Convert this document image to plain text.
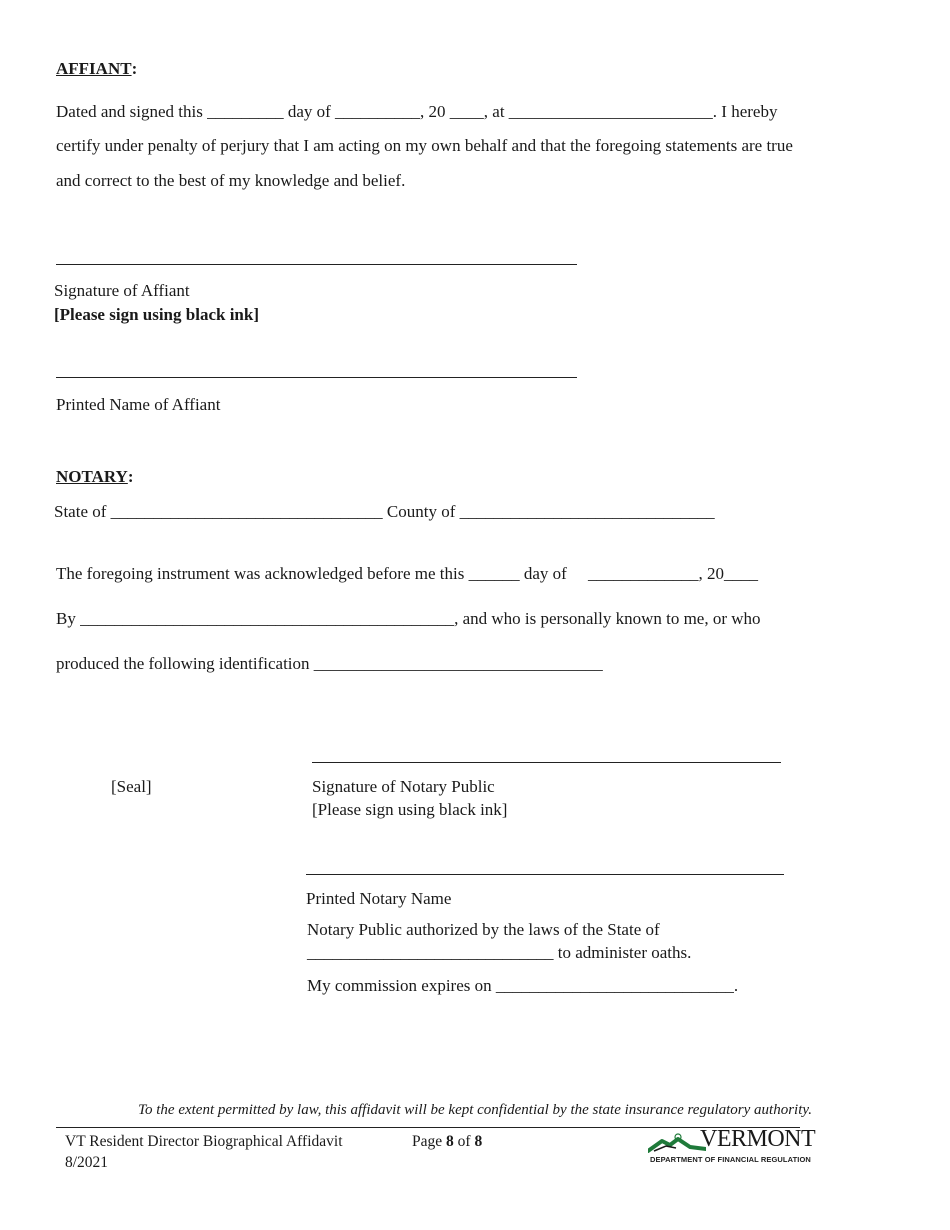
AFFIANT:
Dated and signed this _________ day of __________, 20 ____, at ________________________. I hereby
certify under penalty of perjury that I am acting on my own behalf and that the foregoing statements are true
and correct to the best of my knowledge and belief.
Signature of Affiant
[Please sign using black ink]
Printed Name of Affiant
NOTARY:
State of ________________________________ County of ______________________________
The foregoing instrument was acknowledged before me this ______ day of     _____________, 20____
By ____________________________________________, and who is personally known to me, or who
produced the following identification __________________________________
[Seal]	Signature of Notary Public
[Please sign using black ink]
Printed Notary Name
Notary Public authorized by the laws of the State of
_____________________________ to administer oaths.
My commission expires on ____________________________.
To the extent permitted by law, this affidavit will be kept confidential by the state insurance regulatory authority.
VT Resident Director Biographical Affidavit
8/2021
Page 8 of 8	VERMONT
DEPARTMENT OF FINANCIAL REGULATION
